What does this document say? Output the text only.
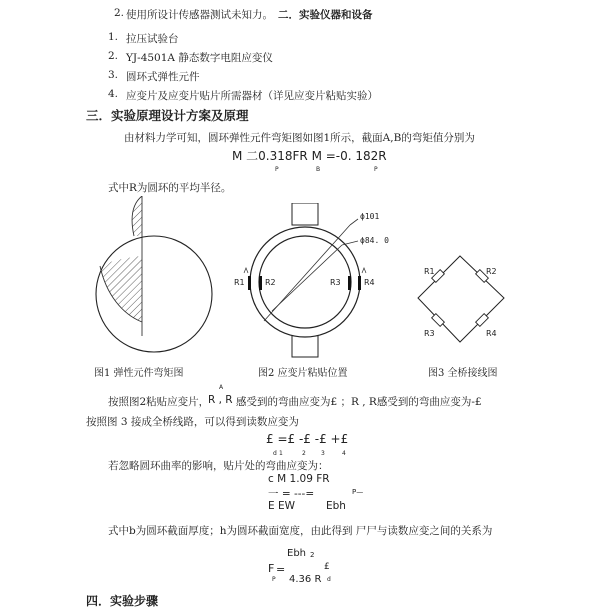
2. 使用所设计传感器测试未知力。 二．实验仪器和设备
1. 拉压试验台
2. YJ-4501A 静态数字电阻应变仪
3. 圆环式弹性元件
4. 应变片及应变片贴片所需器材（详见应变片粘贴实验）
三．实验原理设计方案及原理
由材料力学可知，圆环弹性元件弯矩图如图1所示，截面A,B的弯矩值分别为
M 二0.318FR M =-0. 182R
P	B	P
式中R为圆环的平均半径。
ϕ101
ϕ84. 0
R1	R2	R3	R4
R1	R2
R3	R4
图1 弹性元件弯矩图	图2 应变片粘贴位置	图3 全桥接线图
A
按照图2粘贴应变片，
R , R 感受到的弯曲应变为£ ；R , R感受到的弯曲应变为-£
按照图 3 接成全桥线路，可以得到读数应变为
£ =£ -£ -£ +£
d 1	2	3	4
若忽略圆环曲率的影响，贴片处的弯曲应变为：
c M 1.09 FR
一 = ---=	P—
E EW	Ebh
式中b为圆环截面厚度；h为圆环截面宽度，由此得到 尸尸与读数应变之间的关系为
Ebh 2
F =	£
P 4.36 R d
四．实验步骤
